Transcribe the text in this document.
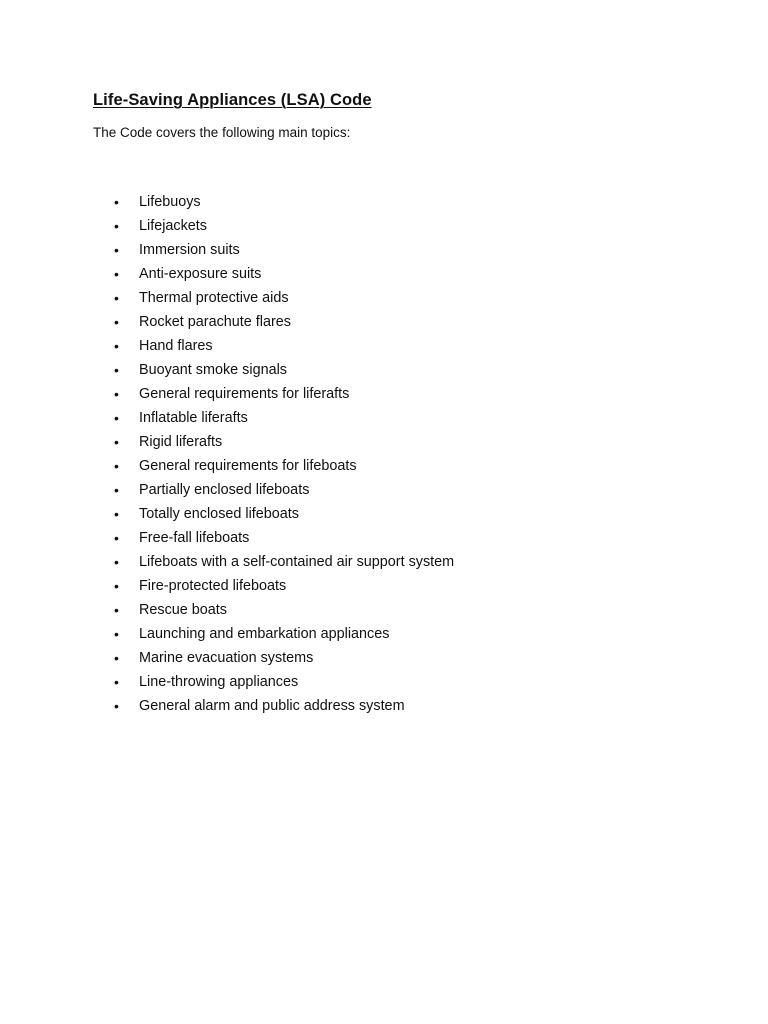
Life-Saving Appliances (LSA) Code

The Code covers the following main topics:

• Lifebuoys
• Lifejackets
• Immersion suits
• Anti-exposure suits
• Thermal protective aids
• Rocket parachute flares
• Hand flares
• Buoyant smoke signals
• General requirements for liferafts
• Inflatable liferafts
• Rigid liferafts
• General requirements for lifeboats
• Partially enclosed lifeboats
• Totally enclosed lifeboats
• Free-fall lifeboats
• Lifeboats with a self-contained air support system
• Fire-protected lifeboats
• Rescue boats
• Launching and embarkation appliances
• Marine evacuation systems
• Line-throwing appliances
• General alarm and public address system
